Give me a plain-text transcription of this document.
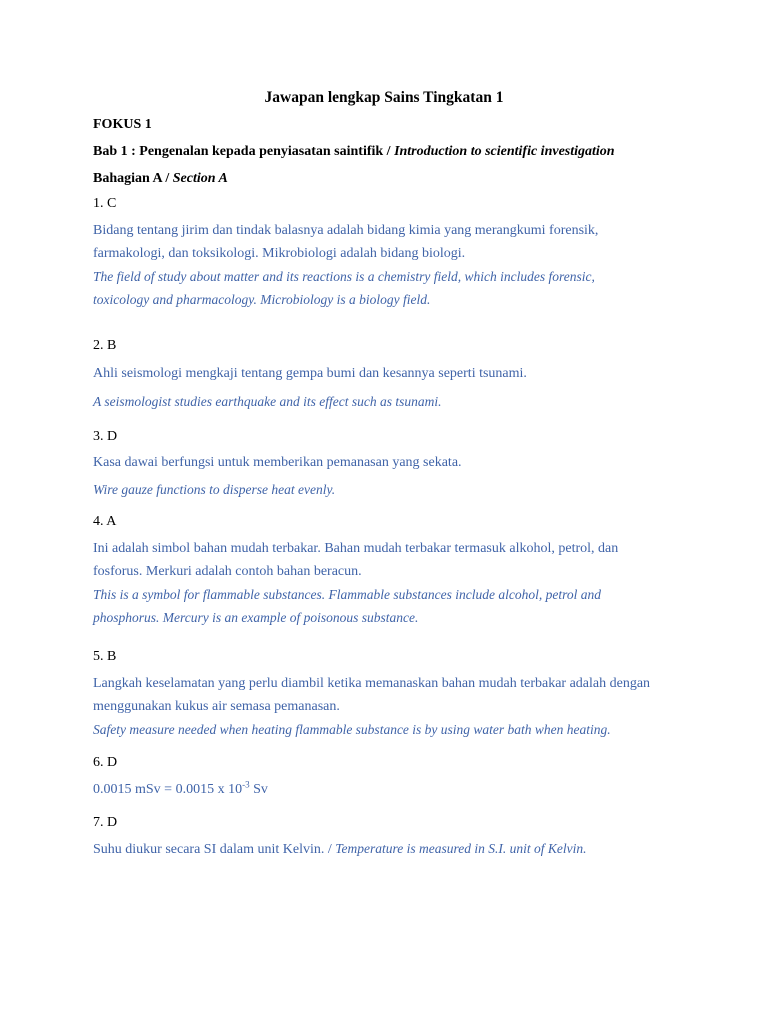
Jawapan lengkap Sains Tingkatan 1
FOKUS 1
Bab 1 : Pengenalan kepada penyiasatan saintifik / Introduction to scientific investigation
Bahagian A / Section A
1. C
Bidang tentang jirim dan tindak balasnya adalah bidang kimia yang merangkumi forensik,
farmakologi, dan toksikologi. Mikrobiologi adalah bidang biologi.
The field of study about matter and its reactions is a chemistry field, which includes forensic,
toxicology and pharmacology. Microbiology is a biology field.
2. B
Ahli seismologi mengkaji tentang gempa bumi dan kesannya seperti tsunami.
A seismologist studies earthquake and its effect such as tsunami.
3. D
Kasa dawai berfungsi untuk memberikan pemanasan yang sekata.
Wire gauze functions to disperse heat evenly.
4. A
Ini adalah simbol bahan mudah terbakar. Bahan mudah terbakar termasuk alkohol, petrol, dan
fosforus. Merkuri adalah contoh bahan beracun.
This is a symbol for flammable substances. Flammable substances include alcohol, petrol and
phosphorus. Mercury is an example of poisonous substance.
5. B
Langkah keselamatan yang perlu diambil ketika memanaskan bahan mudah terbakar adalah dengan
menggunakan kukus air semasa pemanasan.
Safety measure needed when heating flammable substance is by using water bath when heating.
6. D
0.0015 mSv = 0.0015 x $10^{-3}$ Sv
7. D
Suhu diukur secara SI dalam unit Kelvin. / Temperature is measured in S.I. unit of Kelvin.
